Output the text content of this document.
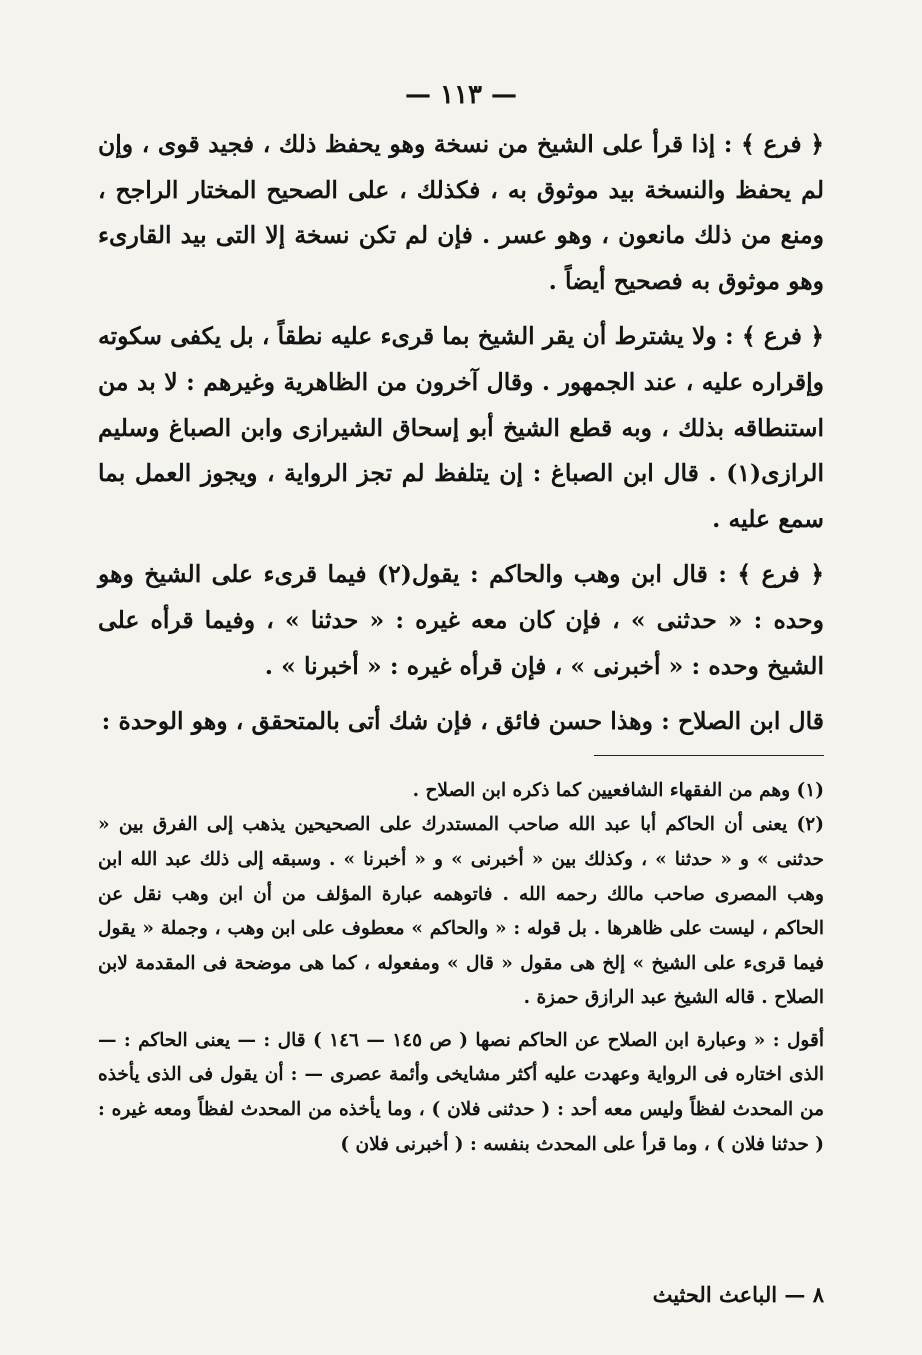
— ١١٣ —

﴿ فرع ﴾ : إذا قرأ على الشيخ من نسخة وهو يحفظ ذلك ، فجيد قوى ، وإن لم يحفظ والنسخة بيد موثوق به ، فكذلك ، على الصحيح المختار الراجح ، ومنع من ذلك مانعون ، وهو عسر . فإن لم تكن نسخة إلا التى بيد القارىء وهو موثوق به فصحيح أيضاً .

﴿ فرع ﴾ : ولا يشترط أن يقر الشيخ بما قرىء عليه نطقاً ، بل يكفى سكوته وإقراره عليه ، عند الجمهور . وقال آخرون من الظاهرية وغيرهم : لا بد من استنطاقه بذلك ، وبه قطع الشيخ أبو إسحاق الشيرازى وابن الصباغ وسليم الرازى(١) . قال ابن الصباغ : إن يتلفظ لم تجز الرواية ، ويجوز العمل بما سمع عليه .

﴿ فرع ﴾ : قال ابن وهب والحاكم : يقول(٢) فيما قرىء على الشيخ وهو وحده : « حدثنى » ، فإن كان معه غيره : « حدثنا » ، وفيما قرأه على الشيخ وحده : « أخبرنى » ، فإن قرأه غيره : « أخبرنا » .

قال ابن الصلاح : وهذا حسن فائق ، فإن شك أتى بالمتحقق ، وهو الوحدة :

(١) وهم من الفقهاء الشافعيين كما ذكره ابن الصلاح .

(٢) يعنى أن الحاكم أبا عبد الله صاحب المستدرك على الصحيحين يذهب إلى الفرق بين « حدثنى » و « حدثنا » ، وكذلك بين « أخبرنى » و « أخبرنا » . وسبقه إلى ذلك عبد الله ابن وهب المصرى صاحب مالك رحمه الله . فاتوهمه عبارة المؤلف من أن ابن وهب نقل عن الحاكم ، ليست على ظاهرها . بل قوله : « والحاكم » معطوف على ابن وهب ، وجملة « يقول فيما قرىء على الشيخ » إلخ هى مقول « قال » ومفعوله ، كما هى موضحة فى المقدمة لابن الصلاح . قاله الشيخ عبد الرازق حمزة .

أقول : « وعبارة ابن الصلاح عن الحاكم نصها ( ص ١٤٥ — ١٤٦ ) قال : — يعنى الحاكم : — الذى اختاره فى الرواية وعهدت عليه أكثر مشايخى وأئمة عصرى — : أن يقول فى الذى يأخذه من المحدث لفظاً وليس معه أحد : ( حدثنى فلان ) ، وما يأخذه من المحدث لفظاً ومعه غيره : ( حدثنا فلان ) ، وما قرأ على المحدث بنفسه : ( أخبرنى فلان )

٨ — الباعث الحثيث
